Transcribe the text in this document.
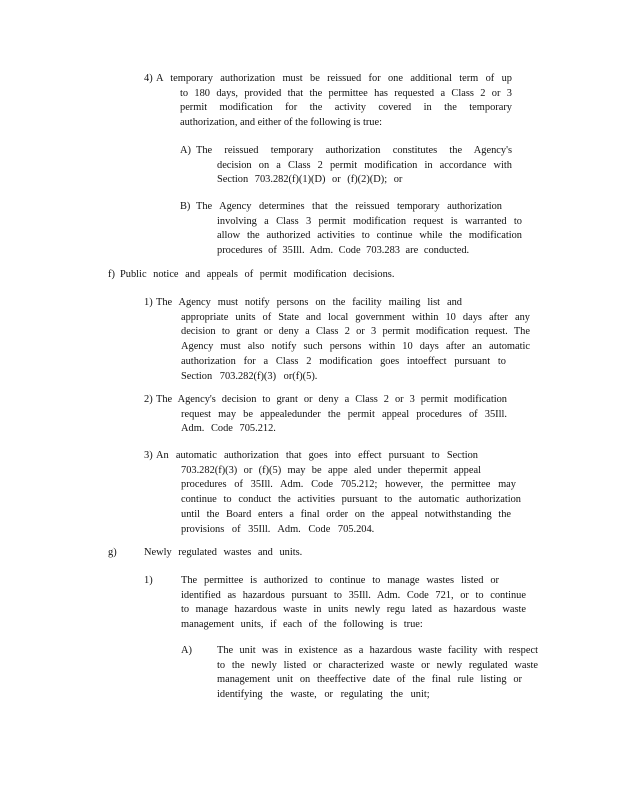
4) A temporary authorization must be reissued for one additional term of up
to 180 days, provided that the permittee has requested a Class 2 or 3
permit modification for the activity covered in the temporary
authorization, and either of the following is true:
A) The reissued temporary authorization constitutes the Agency's
decision on a Class 2 permit modification in accordance with
Section 703.282(f)(1)(D) or (f)(2)(D); or
B) The Agency determines that the reissued temporary authorization
involving a Class 3 permit modification request is warranted to
allow the authorized activities to continue while the modification
procedures of 35Ill. Adm. Code 703.283 are conducted.
f) Public notice and appeals of permit modification decisions.
1) The Agency must notify persons on the facility mailing list and
appropriate units of State and local government within 10 days after any
decision to grant or deny a Class 2 or 3 permit modification request. The
Agency must also notify such persons within 10 days after an automatic
authorization for a Class 2 modification goes intoeffect pursuant to
Section 703.282(f)(3) or(f)(5).
2) The Agency's decision to grant or deny a Class 2 or 3 permit modification
request may be appealedunder the permit appeal procedures of 35Ill.
Adm. Code 705.212.
3) An automatic authorization that goes into effect pursuant to Section
703.282(f)(3) or (f)(5) may be appe aled under thepermit appeal
procedures of 35Ill. Adm. Code 705.212; however, the permittee may
continue to conduct the activities pursuant to the automatic authorization
until the Board enters a final order on the appeal notwithstanding the
provisions of 35Ill. Adm. Code 705.204.
g)	Newly regulated wastes and units.
1)	The permittee is authorized to continue to manage wastes listed or
identified as hazardous pursuant to 35Ill. Adm. Code 721, or to continue
to manage hazardous waste in units newly regu lated as hazardous waste
management units, if each of the following is true:
A) The unit was in existence as a hazardous waste facility with respect
to the newly listed or characterized waste or newly regulated waste
management unit on theeffective date of the final rule listing or
identifying the waste, or regulating the unit;
